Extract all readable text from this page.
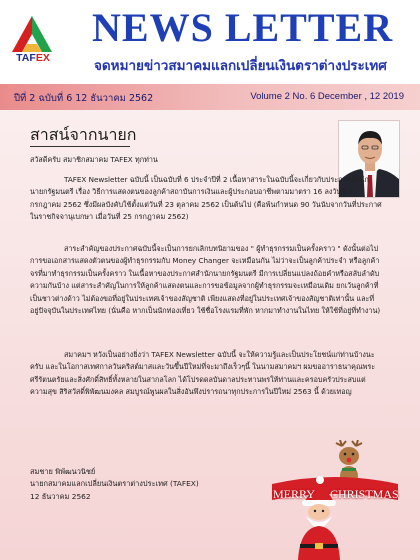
TAFEX
NEWS LETTER
จดหมายข่าวสมาคมแลกเปลี่ยนเงินตราต่างประเทศ
ปีที่ 2 ฉบับที่ 6 12 ธันวาคม 2562	Volume 2 No. 6 December , 12 2019
สาสน์จากนายก
สวัสดีครับ สมาชิกสมาคม TAFEX ทุกท่าน
TAFEX Newsletter ฉบับนี้ เป็นฉบับที่ 6 ประจำปีที่ 2 เนื้อหาสาระในฉบับนี้จะเกี่ยวกับประกาศสำนักนายกรัฐมนตรี เรื่อง วิธีการแสดงตนของลูกค้าสถาบันการเงินและผู้ประกอบอาชีพตามมาตรา 16 ลงวันที่ 9 กรกฎาคม 2562 ซึ่งมีผลบังคับใช้ตั้งแต่วันที่ 23 ตุลาคม 2562 เป็นต้นไป (คือพ้นกำหนด 90 วันนับจากวันที่ประกาศในราชกิจจานุเบกษา เมื่อวันที่ 25 กรกฎาคม 2562)
สาระสำคัญของประกาศฉบับนี้จะเป็นการยกเลิกบทนิยามของ " ผู้ทำธุรกรรมเป็นครั้งคราว " ดังนั้นต่อไป การขอเอกสารแสดงตัวตนของผู้ทำธุรกรรมกับ Money Changer จะเหมือนกัน ไม่ว่าจะเป็นลูกค้าประจำ หรือลูกค้าจรที่มาทำธุรกรรมเป็นครั้งคราว ในเนื้อหาของประกาศสำนักนายกรัฐมนตรี มีการเปลี่ยนแปลงถ้อยคำหรือสลับลำดับความกันบ้าง แต่สาระสำคัญในการให้ลูกค้าแสดงตนและการขอข้อมูลจากผู้ทำธุรกรรมจะเหมือนเดิม ยกเว้นลูกค้าที่เป็นชาวต่างด้าว ไม่ต้องขอที่อยู่ในประเทศเจ้าของสัญชาติ เพียงแสดงที่อยู่ในประเทศเจ้าของสัญชาติเท่านั้น และที่อยู่ปัจจุบันในประเทศไทย (นั่นคือ หากเป็นนักท่องเที่ยว ใช้ชื่อโรงแรมที่พัก หากมาทำงานในไทย ให้ใช้ที่อยู่ที่ทำงาน)
สมาคมฯ หวังเป็นอย่างยิ่งว่า TAFEX Newsletter ฉบับนี้ จะให้ความรู้และเป็นประโยชน์แก่ท่านบ้างนะครับ และในโอกาสเทศกาลวันคริสต์มาสและวันขึ้นปีใหม่ที่จะมาถึงเร็วๆนี้ ในนามสมาคมฯ ผมขออาราธนาคุณพระศรีรัตนตรัยและสิ่งศักดิ์สิทธิ์ทั้งหลายในสากลโลก ได้โปรดดลบันดาลประทานพรให้ท่านและครอบครัวประสบแต่ความสุข สิริสวัสดิ์พิพัฒนมงคล สมบูรณ์พูนผลในสิ่งอันพึงปรารถนาทุกประการในปีใหม่ 2563 นี้ ด้วยเทอญ
สมชาย พิพัฒนวนิชย์
นายกสมาคมแลกเปลี่ยนเงินตราต่างประเทศ (TAFEX)
12 ธันวาคม 2562	MERRY CHRISTMAS
